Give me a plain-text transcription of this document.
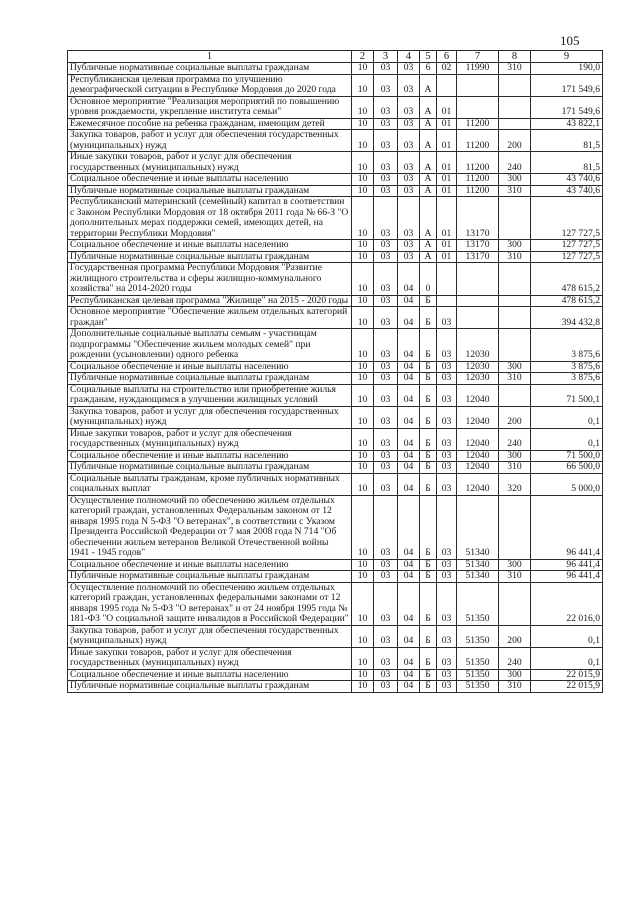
105
1	2	3	4	5	6	7	8	9
Публичные нормативные социальные выплаты гражданам	10	03	03	6	02	11990	310	190,0
Республиканская целевая программа по улучшению демографической ситуации в Республике Мордовия до 2020 года	10	03	03	А				171 549,6
Основное мероприятие "Реализация мероприятий по повышению уровня рождаемости, укрепление института семьи"	10	03	03	А	01			171 549,6
Ежемесячное пособие на ребенка гражданам, имеющим детей	10	03	03	А	01	11200		43 822,1
Закупка товаров, работ и услуг для обеспечения государственных (муниципальных) нужд	10	03	03	А	01	11200	200	81,5
Иные закупки товаров, работ и услуг для обеспечения государственных (муниципальных) нужд	10	03	03	А	01	11200	240	81,5
Социальное обеспечение и иные выплаты населению	10	03	03	А	01	11200	300	43 740,6
Публичные нормативные социальные выплаты гражданам	10	03	03	А	01	11200	310	43 740,6
Республиканский материнский (семейный) капитал в соответствии с Законом Республики Мордовия от 18 октября 2011 года № 66-З "О дополнительных мерах поддержки семей, имеющих детей, на территории Республики Мордовия"	10	03	03	А	01	13170		127 727,5
Социальное обеспечение и иные выплаты населению	10	03	03	А	01	13170	300	127 727,5
Публичные нормативные социальные выплаты гражданам	10	03	03	А	01	13170	310	127 727,5
Государственная программа Республики Мордовия "Развитие жилищного строительства и сферы жилищно-коммунального хозяйства" на 2014-2020 годы	10	03	04	0				478 615,2
Республиканская целевая программа "Жилище" на 2015 - 2020 годы	10	03	04	Б				478 615,2
Основное мероприятие "Обеспечение жильем отдельных категорий граждан"	10	03	04	Б	03			394 432,8
Дополнительные социальные выплаты семьям - участницам подпрограммы "Обеспечение жильем молодых семей" при рождении (усыновлении) одного ребенка	10	03	04	Б	03	12030		3 875,6
Социальное обеспечение и иные выплаты населению	10	03	04	Б	03	12030	300	3 875,6
Публичные нормативные социальные выплаты гражданам	10	03	04	Б	03	12030	310	3 875,6
Социальные выплаты на строительство или приобретение жилья гражданам, нуждающимся в улучшении жилищных условий	10	03	04	Б	03	12040		71 500,1
Закупка товаров, работ и услуг для обеспечения государственных (муниципальных) нужд	10	03	04	Б	03	12040	200	0,1
Иные закупки товаров, работ и услуг для обеспечения государственных (муниципальных) нужд	10	03	04	Б	03	12040	240	0,1
Социальное обеспечение и иные выплаты населению	10	03	04	Б	03	12040	300	71 500,0
Публичные нормативные социальные выплаты гражданам	10	03	04	Б	03	12040	310	66 500,0
Социальные выплаты гражданам, кроме публичных нормативных социальных выплат	10	03	04	Б	03	12040	320	5 000,0
Осуществление полномочий по обеспечению жильем отдельных категорий граждан, установленных Федеральным законом от 12 января 1995 года N 5-ФЗ "О ветеранах", в соответствии с Указом Президента Российской Федерации от 7 мая 2008 года N 714 "Об обеспечении жильем ветеранов Великой Отечественной войны 1941 - 1945 годов"	10	03	04	Б	03	51340		96 441,4
Социальное обеспечение и иные выплаты населению	10	03	04	Б	03	51340	300	96 441,4
Публичные нормативные социальные выплаты гражданам	10	03	04	Б	03	51340	310	96 441,4
Осуществление полномочий по обеспечению жильем отдельных категорий граждан, установленных федеральными законами от 12 января 1995 года № 5-ФЗ "О ветеранах" и от 24 ноября 1995 года № 181-ФЗ "О социальной защите инвалидов в Российской Федерации"	10	03	04	Б	03	51350		22 016,0
Закупка товаров, работ и услуг для обеспечения государственных (муниципальных) нужд	10	03	04	Б	03	51350	200	0,1
Иные закупки товаров, работ и услуг для обеспечения государственных (муниципальных) нужд	10	03	04	Б	03	51350	240	0,1
Социальное обеспечение и иные выплаты населению	10	03	04	Б	03	51350	300	22 015,9
Публичные нормативные социальные выплаты гражданам	10	03	04	Б	03	51350	310	22 015,9
